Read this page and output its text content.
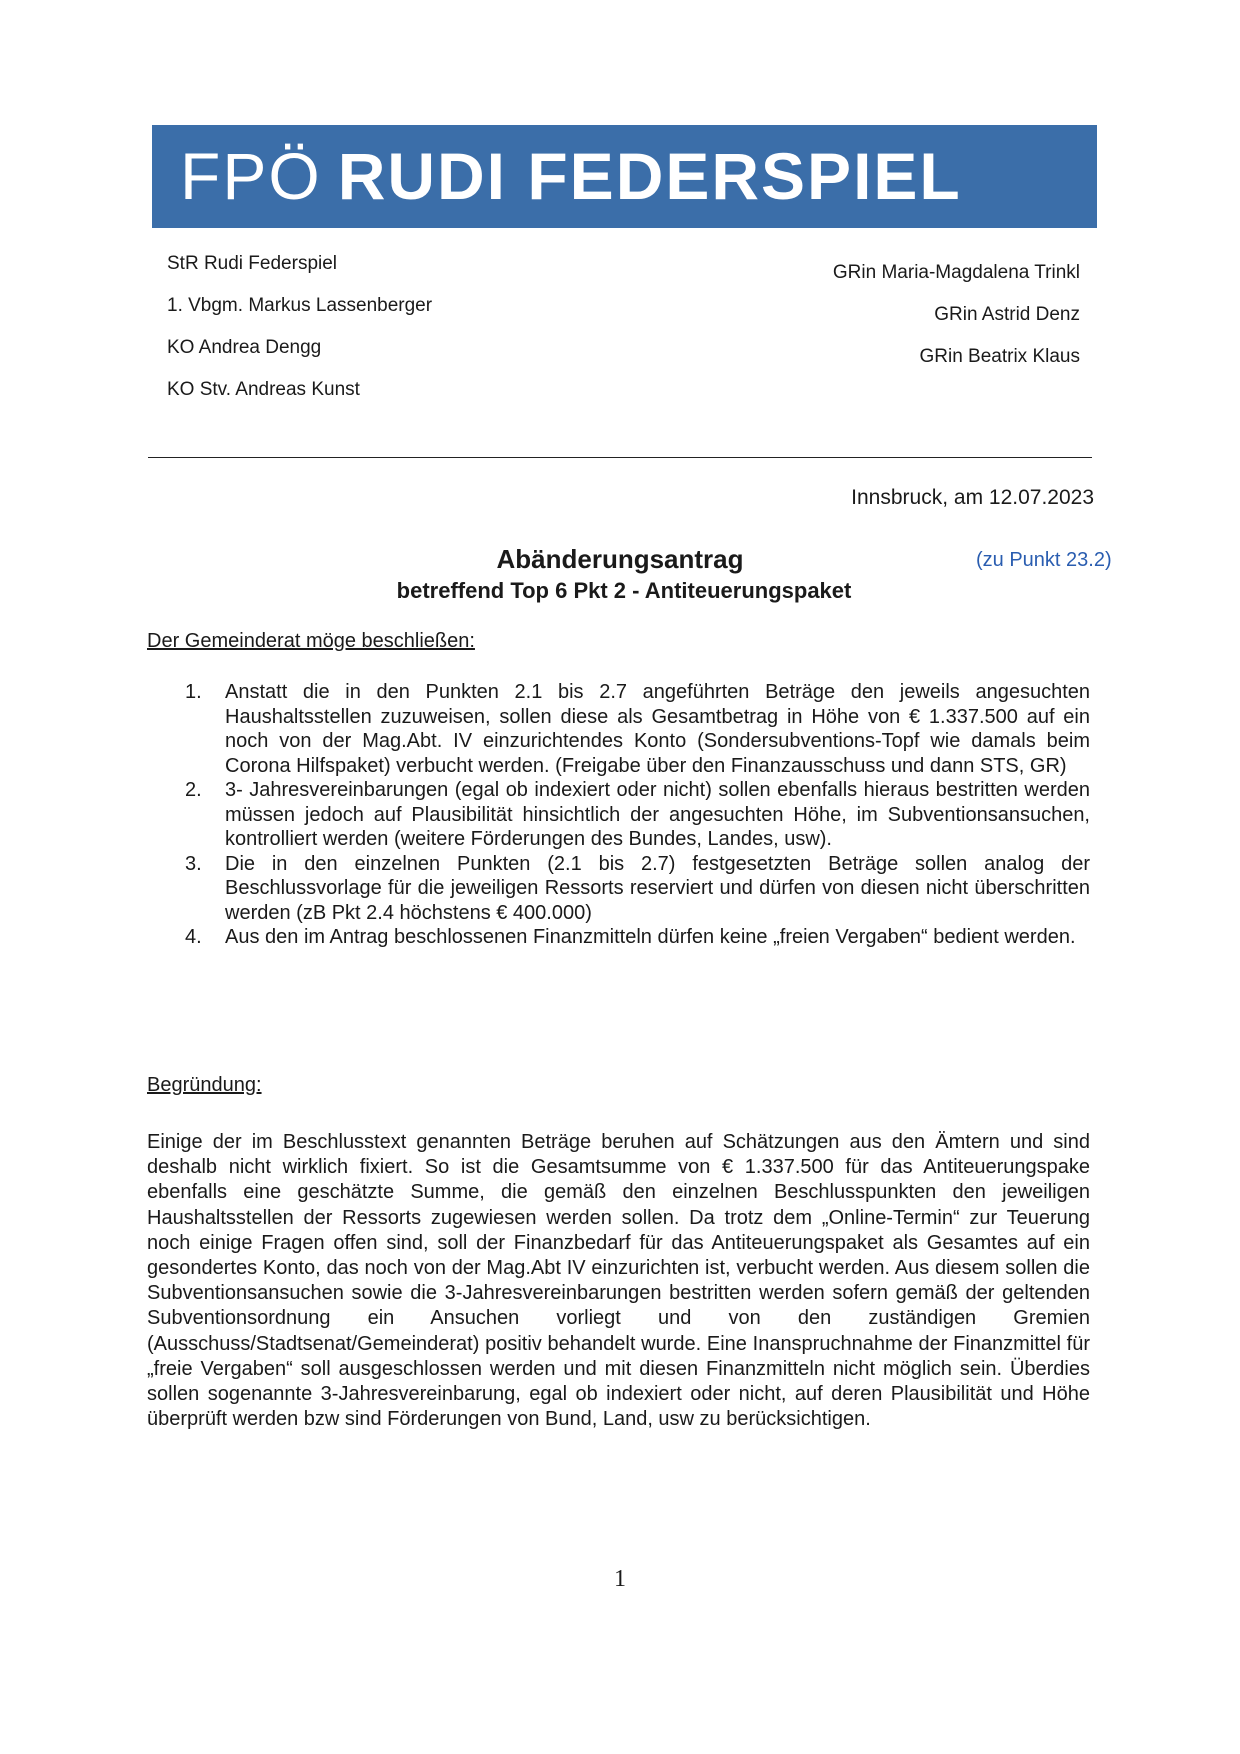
FPÖ RUDI FEDERSPIEL
StR Rudi Federspiel
1. Vbgm. Markus Lassenberger
KO Andrea Dengg
KO Stv. Andreas Kunst
GRin Maria-Magdalena Trinkl
GRin Astrid Denz
GRin Beatrix Klaus
Innsbruck, am 12.07.2023
Abänderungsantrag
betreffend Top 6 Pkt 2 - Antiteuerungspaket
(zu Punkt 23.2)
Der Gemeinderat möge beschließen:
1. Anstatt die in den Punkten 2.1 bis 2.7 angeführten Beträge den jeweils angesuchten Haushaltsstellen zuzuweisen, sollen diese als Gesamtbetrag in Höhe von € 1.337.500 auf ein noch von der Mag.Abt. IV einzurichtendes Konto (Sondersubventions-Topf wie damals beim Corona Hilfspaket) verbucht werden. (Freigabe über den Finanzausschuss und dann STS, GR)
2. 3- Jahresvereinbarungen (egal ob indexiert oder nicht) sollen ebenfalls hieraus bestritten werden müssen jedoch auf Plausibilität hinsichtlich der angesuchten Höhe, im Subventionsansuchen, kontrolliert werden (weitere Förderungen des Bundes, Landes, usw).
3. Die in den einzelnen Punkten (2.1 bis 2.7) festgesetzten Beträge sollen analog der Beschlussvorlage für die jeweiligen Ressorts reserviert und dürfen von diesen nicht überschritten werden (zB Pkt 2.4 höchstens € 400.000)
4. Aus den im Antrag beschlossenen Finanzmitteln dürfen keine „freien Vergaben“ bedient werden.
Begründung:

Einige der im Beschlusstext genannten Beträge beruhen auf Schätzungen aus den Ämtern und sind deshalb nicht wirklich fixiert. So ist die Gesamtsumme von € 1.337.500 für das Antiteuerungspake ebenfalls eine geschätzte Summe, die gemäß den einzelnen Beschlusspunkten den jeweiligen Haushaltsstellen der Ressorts zugewiesen werden sollen. Da trotz dem „Online-Termin“ zur Teuerung noch einige Fragen offen sind, soll der Finanzbedarf für das Antiteuerungspaket als Gesamtes auf ein gesondertes Konto, das noch von der Mag.Abt IV einzurichten ist, verbucht werden. Aus diesem sollen die Subventionsansuchen sowie die 3-Jahresvereinbarungen bestritten werden sofern gemäß der geltenden Subventionsordnung ein Ansuchen vorliegt und von den zuständigen Gremien (Ausschuss/Stadtsenat/Gemeinderat) positiv behandelt wurde. Eine Inanspruchnahme der Finanzmittel für „freie Vergaben“ soll ausgeschlossen werden und mit diesen Finanzmitteln nicht möglich sein. Überdies sollen sogenannte 3-Jahresvereinbarung, egal ob indexiert oder nicht, auf deren Plausibilität und Höhe überprüft werden bzw sind Förderungen von Bund, Land, usw zu berücksichtigen.

1
